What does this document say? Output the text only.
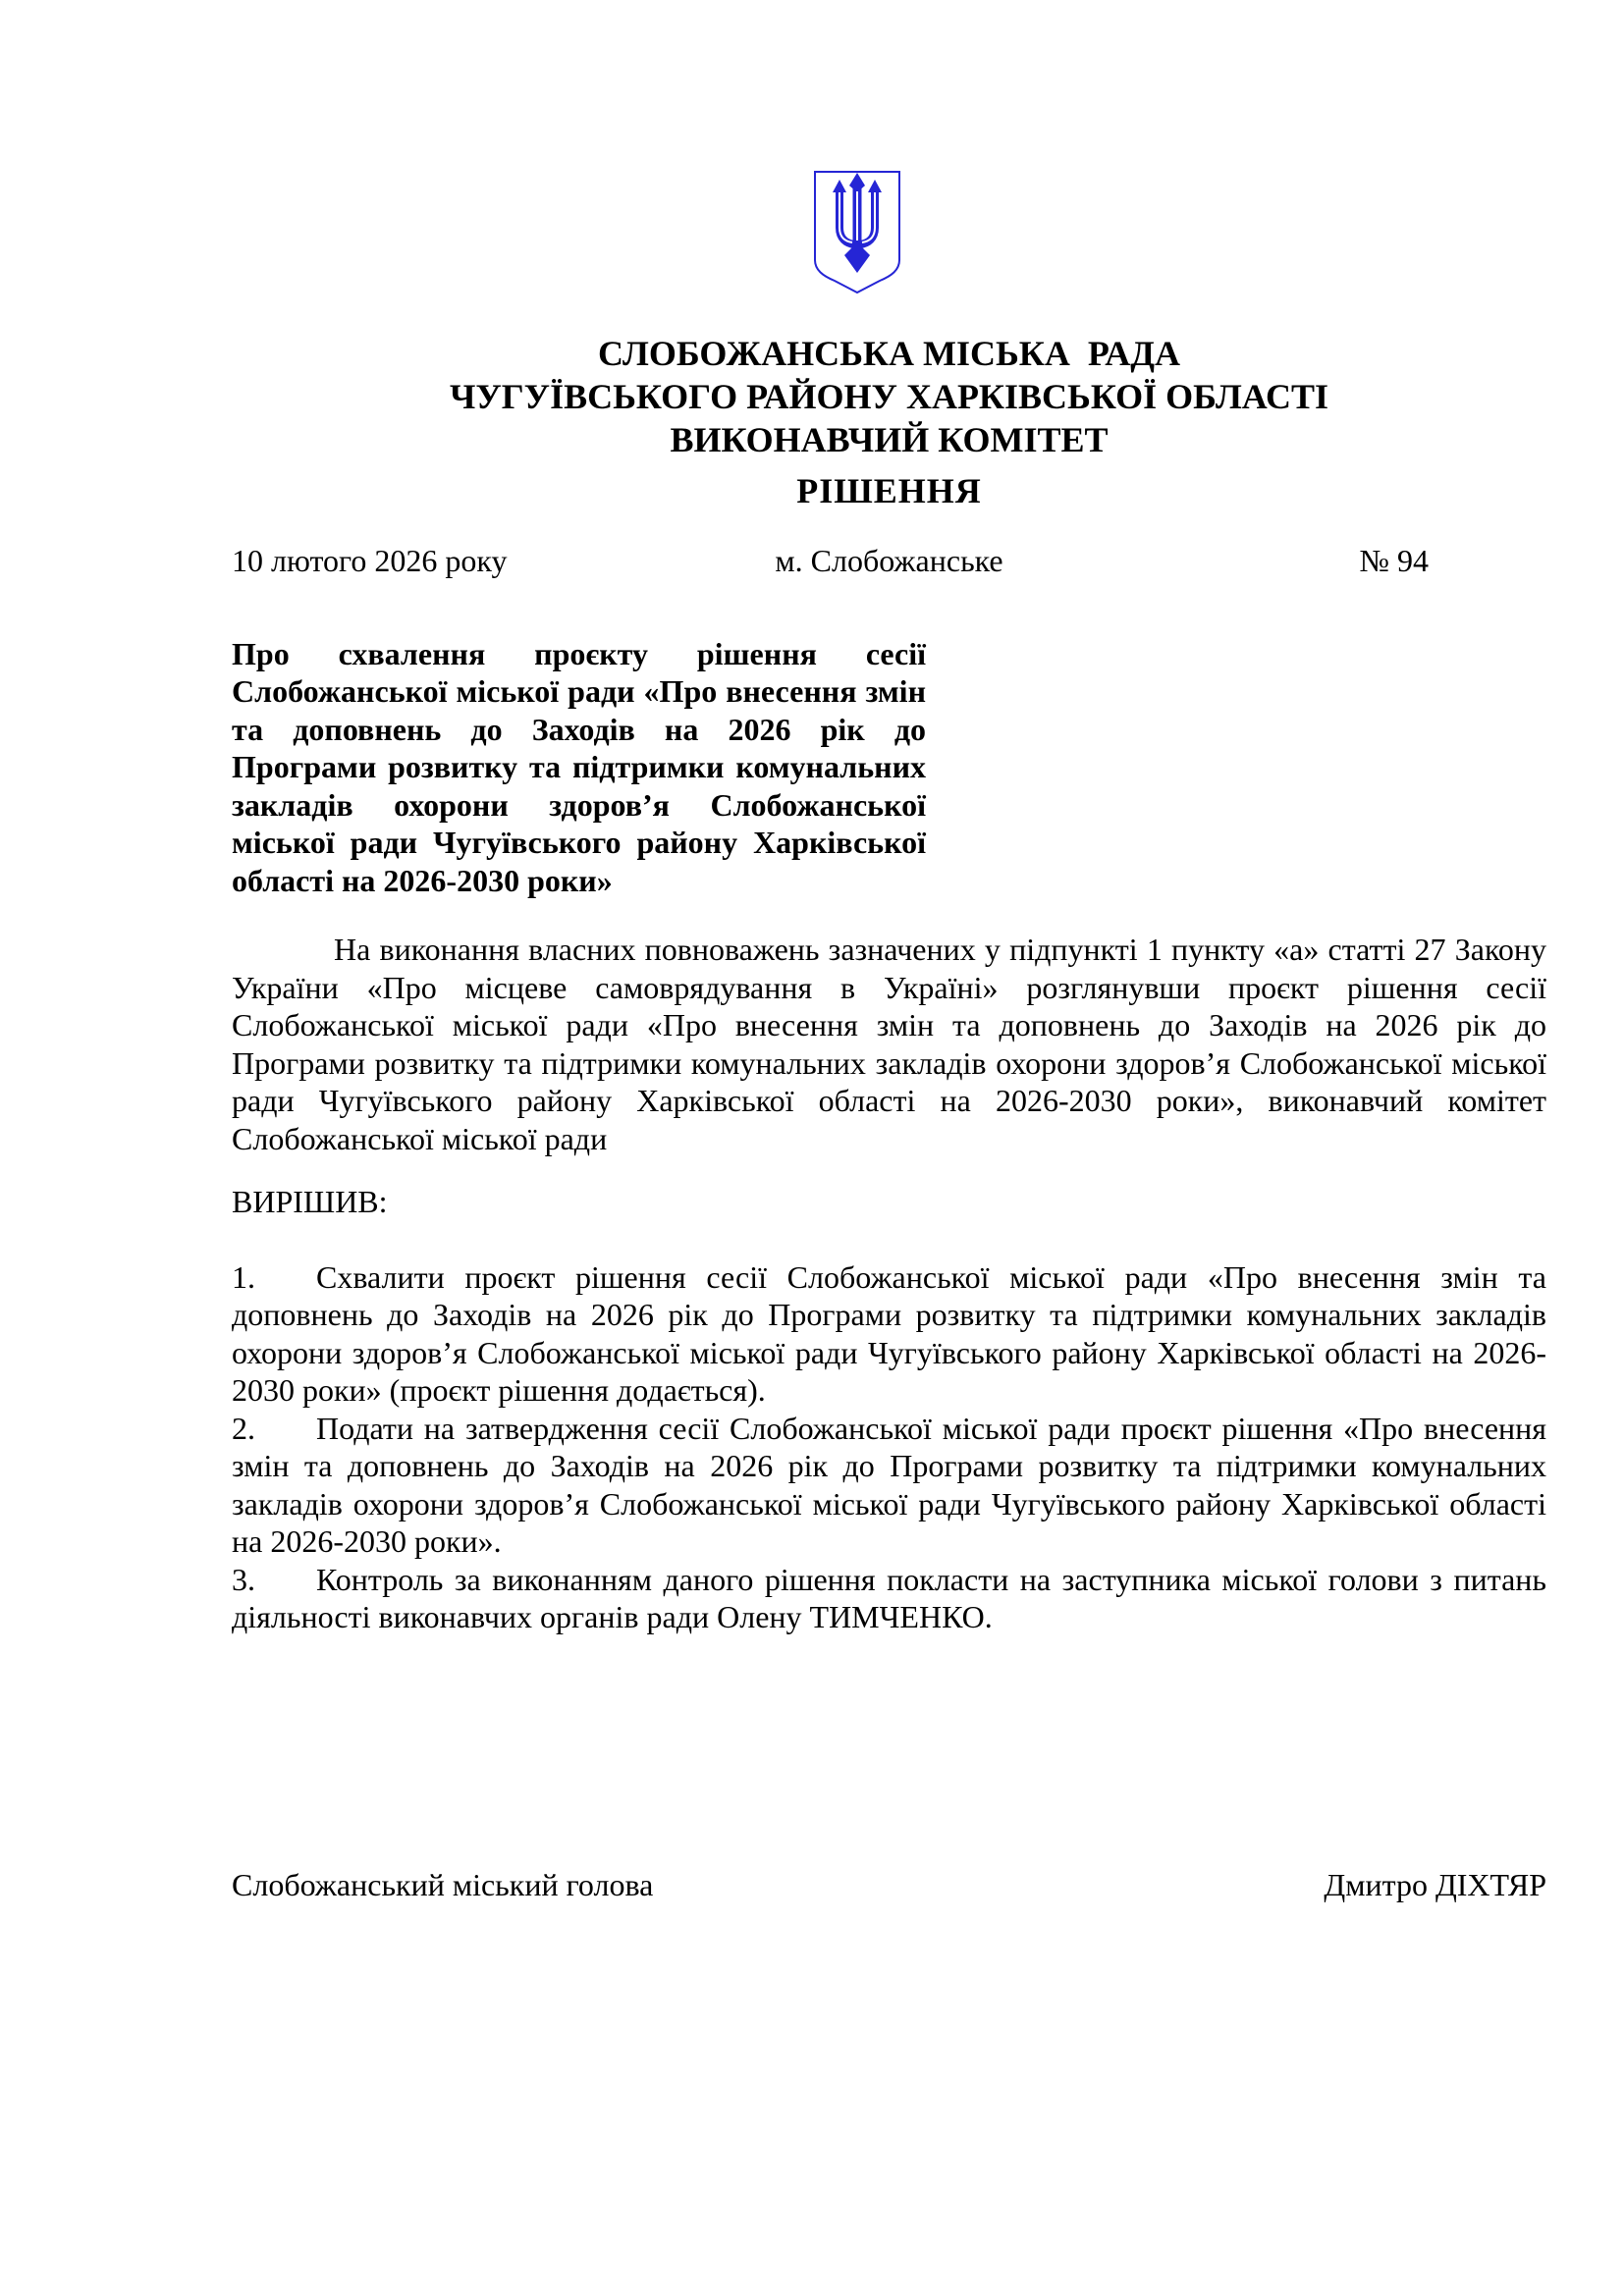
СЛОБОЖАНСЬКА МІСЬКА  РАДА
ЧУГУЇВСЬКОГО РАЙОНУ ХАРКІВСЬКОЇ ОБЛАСТІ
ВИКОНАВЧИЙ КОМІТЕТ
РІШЕННЯ
10 лютого 2026 року	м. Слобожанське	№ 94

Про схвалення проєкту рішення сесії Слобожанської міської ради «Про внесення змін та доповнень до Заходів на 2026 рік до Програми розвитку та підтримки комунальних закладів охорони здоров’я Слобожанської міської ради Чугуївського району Харківської області на 2026-2030 роки»

На виконання власних повноважень зазначених у підпункті 1 пункту «а» статті 27 Закону України «Про місцеве самоврядування в Україні» розглянувши проєкт рішення сесії Слобожанської міської ради «Про внесення змін та доповнень до Заходів на 2026 рік до Програми розвитку та підтримки комунальних закладів охорони здоров’я Слобожанської міської ради Чугуївського району Харківської області на 2026-2030 роки», виконавчий комітет Слобожанської міської ради

ВИРІШИВ:

1. Схвалити проєкт рішення сесії Слобожанської міської ради «Про внесення змін та доповнень до Заходів на 2026 рік до Програми розвитку та підтримки комунальних закладів охорони здоров’я Слобожанської міської ради Чугуївського району Харківської області на 2026-2030 роки» (проєкт рішення додається).

2. Подати на затвердження сесії Слобожанської міської ради проєкт рішення «Про внесення змін та доповнень до Заходів на 2026 рік до Програми розвитку та підтримки комунальних закладів охорони здоров’я Слобожанської міської ради Чугуївського району Харківської області на 2026-2030 роки».

3. Контроль за виконанням даного рішення покласти на заступника міської голови з питань діяльності виконавчих органів ради Олену ТИМЧЕНКО.

Слобожанський міський голова	Дмитро ДІХТЯР
